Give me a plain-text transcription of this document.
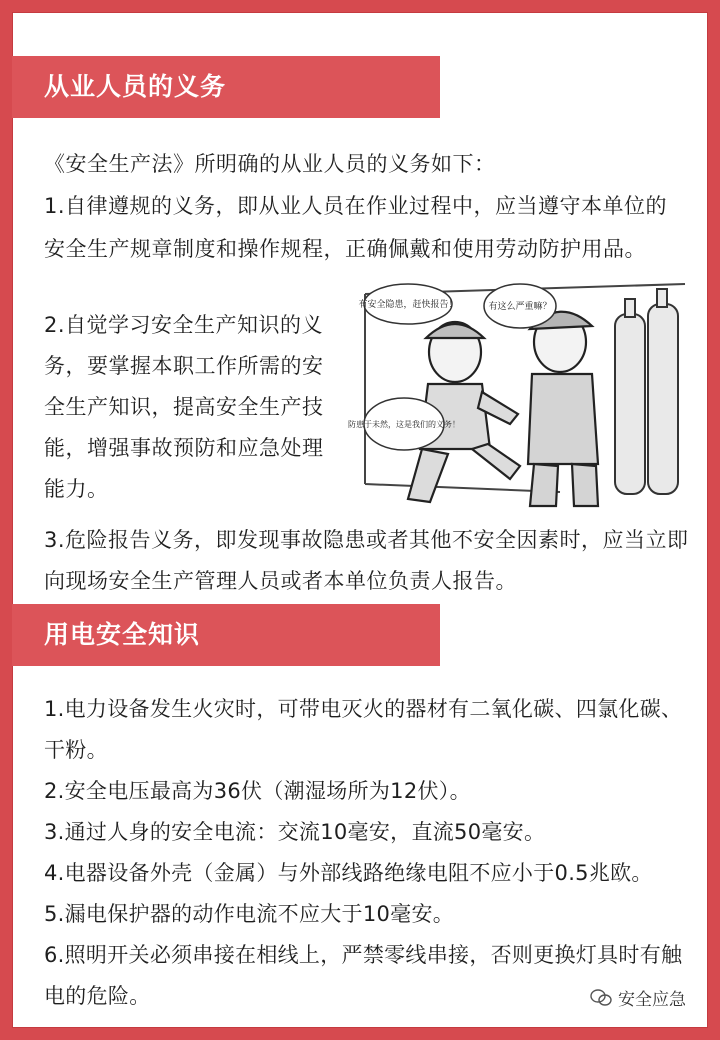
从业人员的义务
《安全生产法》所明确的从业人员的义务如下：
1.自律遵规的义务，即从业人员在作业过程中，应当遵守本单位的安全生产规章制度和操作规程，正确佩戴和使用劳动防护用品。
2.自觉学习安全生产知识的义务，要掌握本职工作所需的安全生产知识，提高安全生产技能，增强事故预防和应急处理能力。
有安全隐患，赶快报告！	有这么严重嘛？
防患于未然，这是我们的义务！
3.危险报告义务，即发现事故隐患或者其他不安全因素时，应当立即向现场安全生产管理人员或者本单位负责人报告。
用电安全知识
1.电力设备发生火灾时，可带电灭火的器材有二氧化碳、四氯化碳、干粉。
2.安全电压最高为36伏（潮湿场所为12伏）。
3.通过人身的安全电流：交流10毫安，直流50毫安。
4.电器设备外壳（金属）与外部线路绝缘电阻不应小于0.5兆欧。
5.漏电保护器的动作电流不应大于10毫安。
6.照明开关必须串接在相线上，严禁零线串接，否则更换灯具时有触电的危险。	安全应急
